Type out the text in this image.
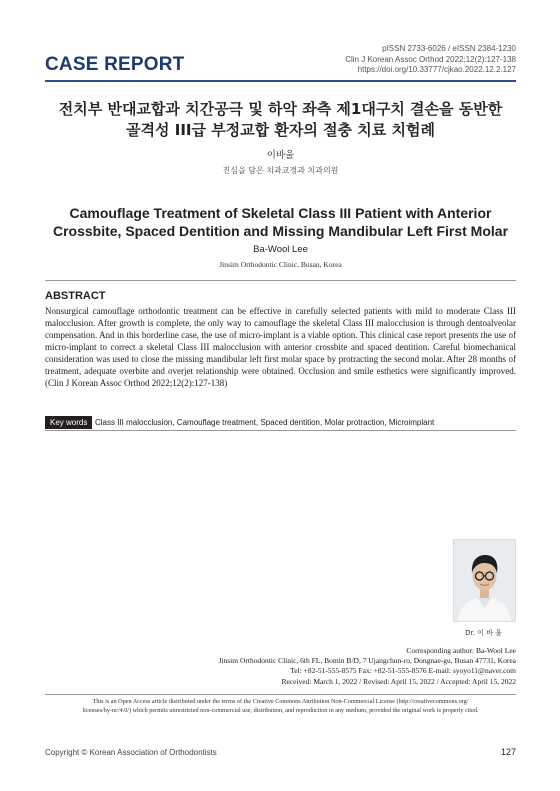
CASE REPORT
pISSN 2733-6026 / eISSN 2384-1230
Clin J Korean Assoc Orthod 2022;12(2):127-138
https://doi.org/10.33777/cjkao.2022.12.2.127
전치부 반대교합과 치간공극 및 하악 좌측 제1대구치 결손을 동반한
골격성 III급 부정교합 환자의 절충 치료 치험례
이바울
진심을 담은 치과교정과 치과의원
Camouflage Treatment of Skeletal Class III Patient with Anterior
Crossbite, Spaced Dentition and Missing Mandibular Left First Molar
Ba-Wool Lee
Jinsim Orthodontic Clinic, Busan, Korea
ABSTRACT
Nonsurgical camouflage orthodontic treatment can be effective in carefully selected patients with mild to moderate Class III malocclusion. After growth is complete, the only way to camouflage the skeletal Class III malocclusion is through dentoalveolar compensation. And in this borderline case, the use of micro-implant is a viable option. This clinical case report presents the use of micro-implant to correct a skeletal Class III malocclusion with anterior crossbite and spaced dentition. Careful biomechanical consideration was used to close the missing mandibular left first molar space by protracting the second molar. After 28 months of treatment, adequate overbite and overjet relationship were obtained. Occlusion and smile esthetics were significantly improved. (Clin J Korean Assoc Orthod 2022;12(2):127-138)
Key words Class III malocclusion, Camouflage treatment, Spaced dentition, Molar protraction, Microimplant
Dr. 이 바 울
Corresponding author: Ba-Wool Lee
Jinsim Orthodontic Clinic, 6th FL, Bomin B/D, 7 Ujangchun-ro, Dongnae-gu, Busan 47731, Korea
Tel: +82-51-555-8575 Fax: +82-51-555-8576 E-mail: syoyo11@naver.com
Received: March 1, 2022 / Revised: April 15, 2022 / Accepted: April 15, 2022
This is an Open Access article distributed under the terms of the Creative Commons Attribution Non-Commercial License (http://creativecommons.org/
licenses/by-nc/4.0/) which permits unrestricted non-commercial use, distribution, and reproduction in any medium, provided the original work is properly cited.
Copyright © Korean Association of Orthodontists	127
